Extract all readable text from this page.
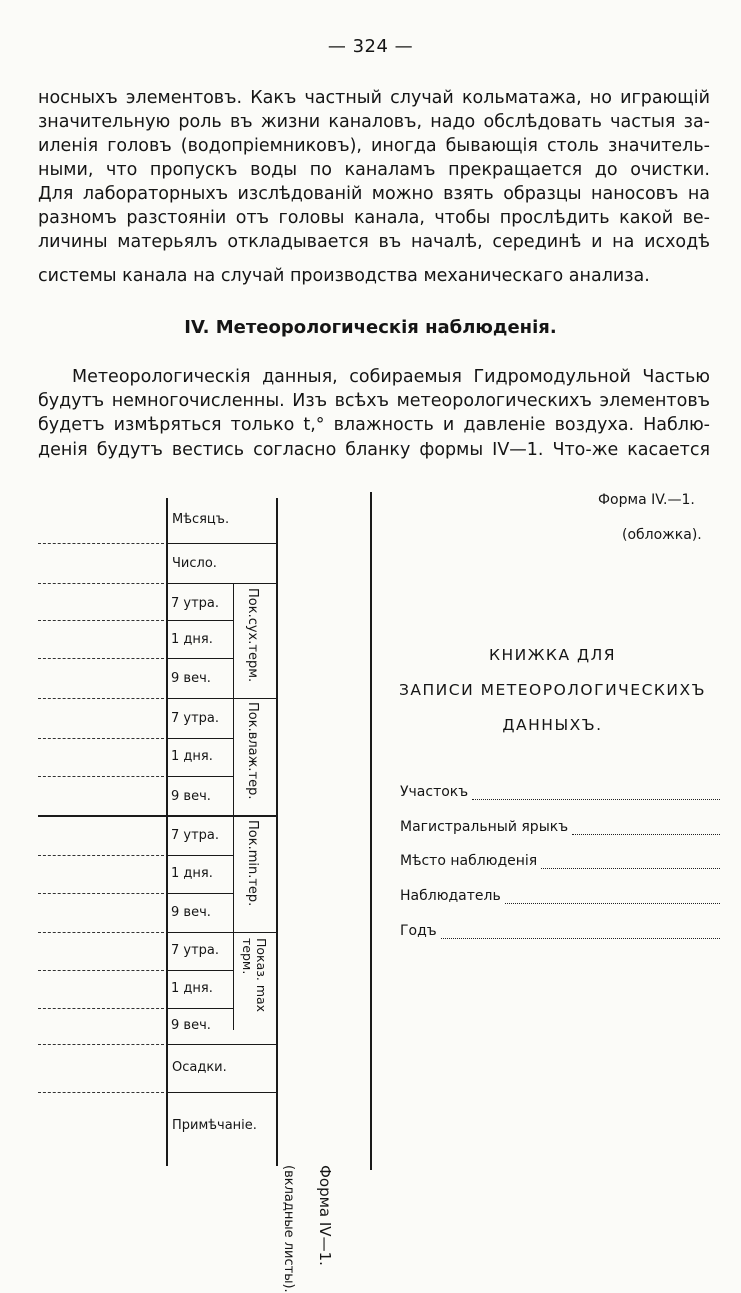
— 324 —
носныхъ элементовъ. Какъ частный случай кольматажа, но играющій
значительную роль въ жизни каналовъ, надо обслѣдовать частыя за-
иленія головъ (водопріемниковъ), иногда бывающія столь значитель-
ными, что пропускъ воды по каналамъ прекращается до очистки.
Для лабораторныхъ изслѣдованій можно взять образцы наносовъ на
разномъ разстояніи отъ головы канала, чтобы прослѣдить какой ве-
личины матерьялъ откладывается въ началѣ, серединѣ и на исходѣ
системы канала на случай производства механическаго анализа.
IV. Метеорологическія наблюденія.
Метеорологическія данныя, собираемыя Гидромодульной Частью
будутъ немногочисленны. Изъ всѣхъ метеорологическихъ элементовъ
будетъ измѣряться только t,° влажность и давленіе воздуха. Наблю-
денія будутъ вестись согласно бланку формы IV—1. Что-же касается
Мѣсяцъ.
Число.
7 утра.
1 дня.
9 веч.
7 утра.
1 дня.
9 веч.
7 утра.
1 дня.
9 веч.
7 утра.
1 дня.
9 веч.
Осадки.
Примѣчаніе.
Пок.сух.терм.
Пок.влаж.тер.
Пок.min.тер.
Показ. max терм.
(вкладные листы). Форма IV—1.
Форма IV.—1.
(обложка).
КНИЖКА ДЛЯ
ЗАПИСИ МЕТЕОРОЛОГИЧЕСКИХЪ
ДАННЫХЪ.
Участокъ
Магистральный ярыкъ
Мѣсто наблюденія
Наблюдатель
Годъ
